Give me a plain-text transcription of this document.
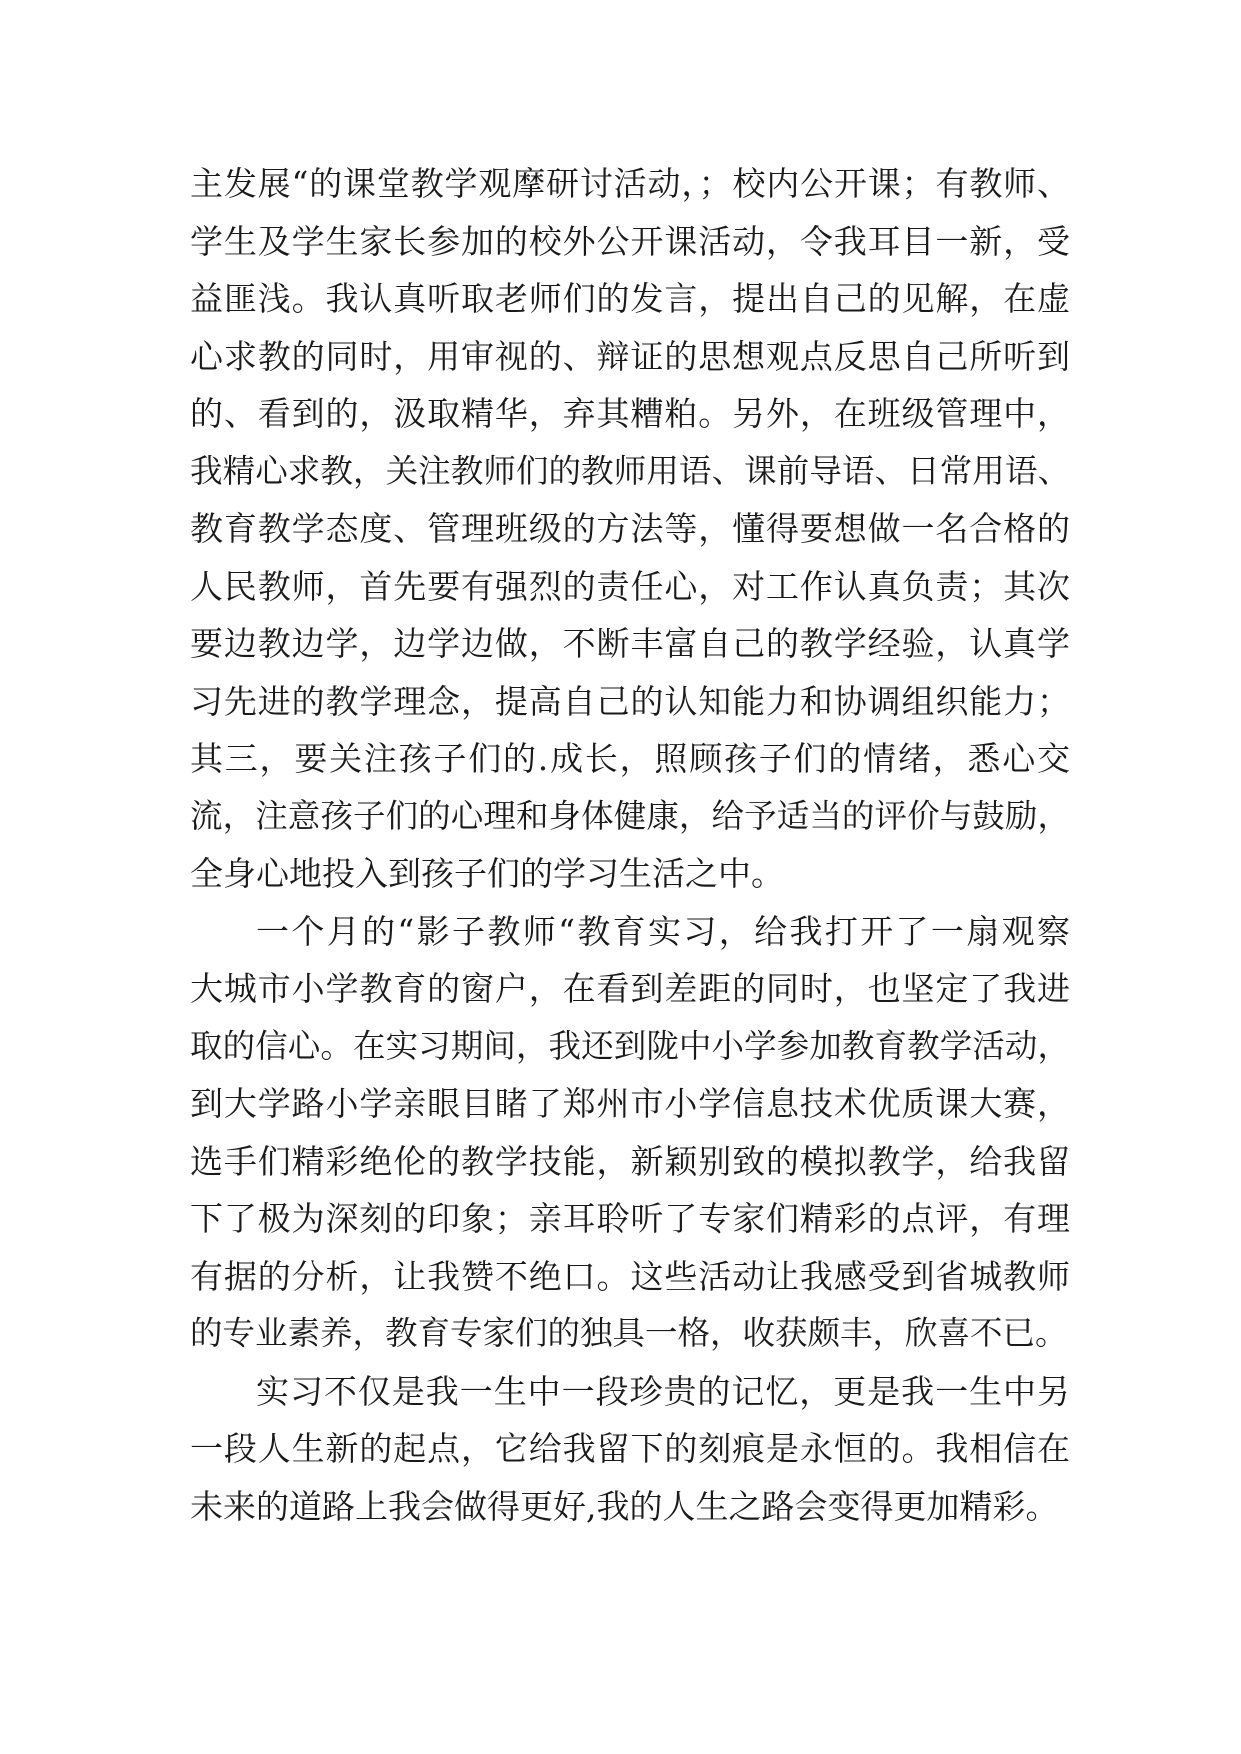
主发展“的课堂教学观摩研讨活动，；校内公开课；有教师、
学生及学生家长参加的校外公开课活动，令我耳目一新，受
益匪浅。我认真听取老师们的发言，提出自己的见解，在虚
心求教的同时，用审视的、辩证的思想观点反思自己所听到
的、看到的，汲取精华，弃其糟粕。另外，在班级管理中，
我精心求教，关注教师们的教师用语、课前导语、日常用语、
教育教学态度、管理班级的方法等，懂得要想做一名合格的
人民教师，首先要有强烈的责任心，对工作认真负责；其次
要边教边学，边学边做，不断丰富自己的教学经验，认真学
习先进的教学理念，提高自己的认知能力和协调组织能力；
其三，要关注孩子们的.成长，照顾孩子们的情绪，悉心交
流，注意孩子们的心理和身体健康，给予适当的评价与鼓励，
全身心地投入到孩子们的学习生活之中。
一个月的“影子教师“教育实习，给我打开了一扇观察
大城市小学教育的窗户，在看到差距的同时，也坚定了我进
取的信心。在实习期间，我还到陇中小学参加教育教学活动，
到大学路小学亲眼目睹了郑州市小学信息技术优质课大赛，
选手们精彩绝伦的教学技能，新颖别致的模拟教学，给我留
下了极为深刻的印象；亲耳聆听了专家们精彩的点评，有理
有据的分析，让我赞不绝口。这些活动让我感受到省城教师
的专业素养，教育专家们的独具一格，收获颇丰，欣喜不已。
实习不仅是我一生中一段珍贵的记忆，更是我一生中另
一段人生新的起点，它给我留下的刻痕是永恒的。我相信在
未来的道路上我会做得更好,我的人生之路会变得更加精彩。
